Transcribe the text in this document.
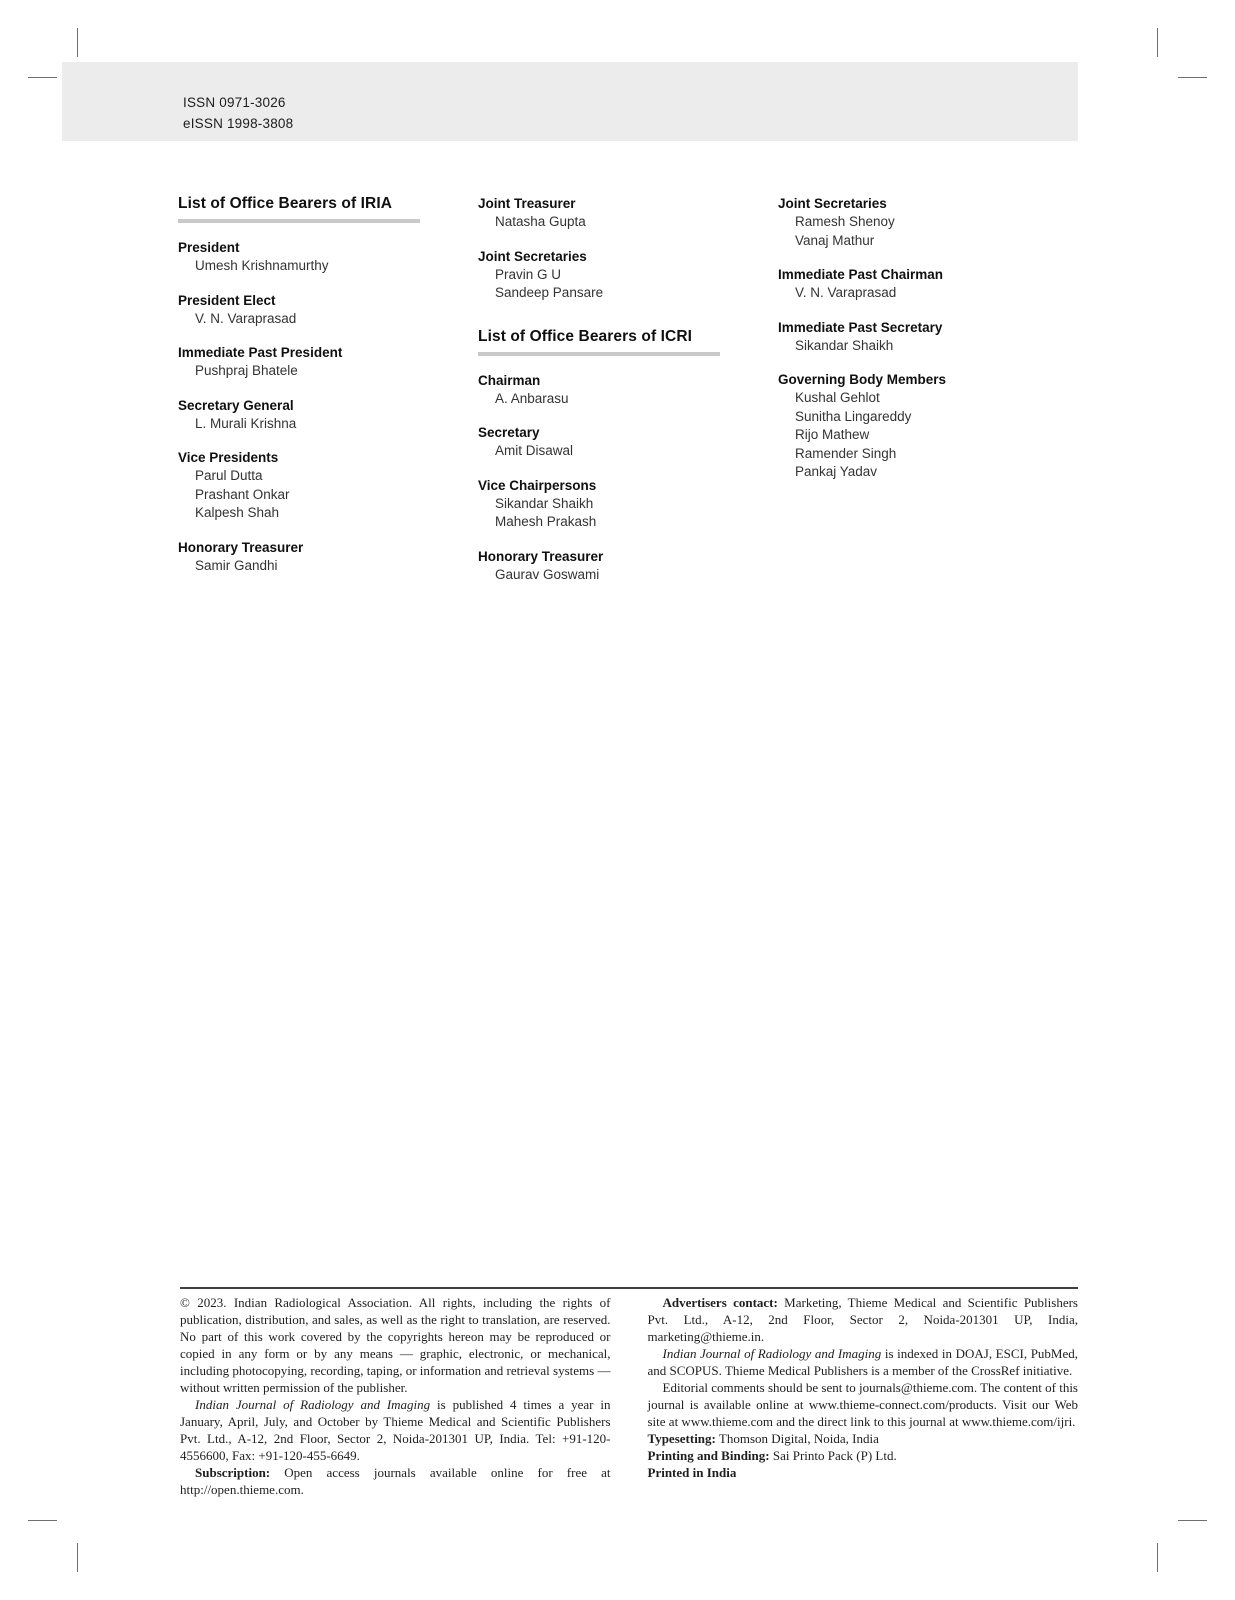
ISSN 0971-3026
eISSN 1998-3808
List of Office Bearers of IRIA
President
Umesh Krishnamurthy
President Elect
V. N. Varaprasad
Immediate Past President
Pushpraj Bhatele
Secretary General
L. Murali Krishna
Vice Presidents
Parul Dutta
Prashant Onkar
Kalpesh Shah
Honorary Treasurer
Samir Gandhi
Joint Treasurer
Natasha Gupta
Joint Secretaries
Pravin G U
Sandeep Pansare
List of Office Bearers of ICRI
Chairman
A. Anbarasu
Secretary
Amit Disawal
Vice Chairpersons
Sikandar Shaikh
Mahesh Prakash
Honorary Treasurer
Gaurav Goswami
Joint Secretaries
Ramesh Shenoy
Vanaj Mathur
Immediate Past Chairman
V. N. Varaprasad
Immediate Past Secretary
Sikandar Shaikh
Governing Body Members
Kushal Gehlot
Sunitha Lingareddy
Rijo Mathew
Ramender Singh
Pankaj Yadav

© 2023. Indian Radiological Association. All rights, including the rights of publication, distribution, and sales, as well as the right to translation, are reserved. No part of this work covered by the copyrights hereon may be reproduced or copied in any form or by any means — graphic, electronic, or mechanical, including photocopying, recording, taping, or information and retrieval systems — without written permission of the publisher.

Indian Journal of Radiology and Imaging is published 4 times a year in January, April, July, and October by Thieme Medical and Scientific Publishers Pvt. Ltd., A-12, 2nd Floor, Sector 2, Noida-201301 UP, India. Tel: +91-120-4556600, Fax: +91-120-455-6649.

Subscription: Open access journals available online for free at http://open.thieme.com.

Advertisers contact: Marketing, Thieme Medical and Scientific Publishers Pvt. Ltd., A-12, 2nd Floor, Sector 2, Noida-201301 UP, India, marketing@thieme.in.

Indian Journal of Radiology and Imaging is indexed in DOAJ, ESCI, PubMed, and SCOPUS. Thieme Medical Publishers is a member of the CrossRef initiative.

Editorial comments should be sent to journals@thieme.com. The content of this journal is available online at www.thieme-connect.com/products. Visit our Web site at www.thieme.com and the direct link to this journal at www.thieme.com/ijri.

Typesetting: Thomson Digital, Noida, India

Printing and Binding: Sai Printo Pack (P) Ltd.

Printed in India
